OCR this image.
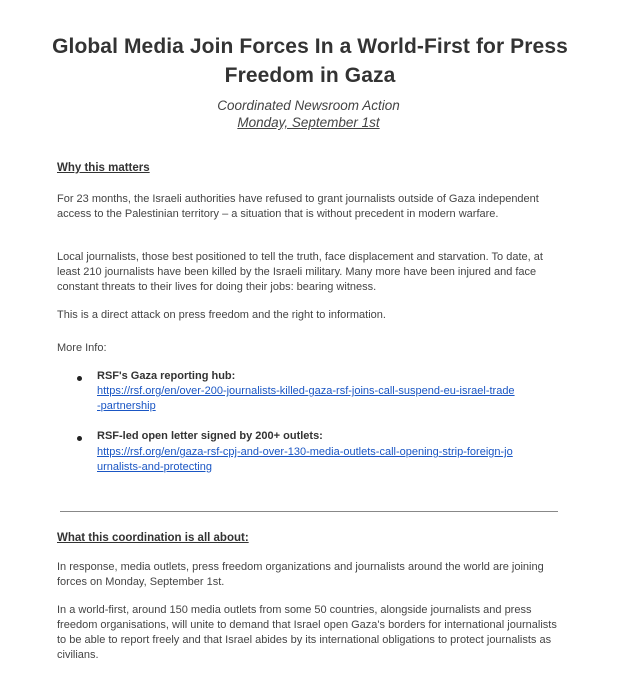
Global Media Join Forces In a World-First for Press Freedom in Gaza

Coordinated Newsroom Action

Monday, September 1st

Why this matters

For 23 months, the Israeli authorities have refused to grant journalists outside of Gaza independent access to the Palestinian territory – a situation that is without precedent in modern warfare.

Local journalists, those best positioned to tell the truth, face displacement and starvation. To date, at least 210 journalists have been killed by the Israeli military. Many more have been injured and face constant threats to their lives for doing their jobs: bearing witness.

This is a direct attack on press freedom and the right to information.

More Info:

RSF's Gaza reporting hub:

https://rsf.org/en/over-200-journalists-killed-gaza-rsf-joins-call-suspend-eu-israel-trade
-partnership

RSF-led open letter signed by 200+ outlets:

https://rsf.org/en/gaza-rsf-cpj-and-over-130-media-outlets-call-opening-strip-foreign-jo
urnalists-and-protecting

What this coordination is all about:

In response, media outlets, press freedom organizations and journalists around the world are joining forces on Monday, September 1st.

In a world-first, around 150 media outlets from some 50 countries, alongside journalists and press freedom organisations, will unite to demand that Israel open Gaza's borders for international journalists to be able to report freely and that Israel abides by its international obligations to protect journalists as civilians.
